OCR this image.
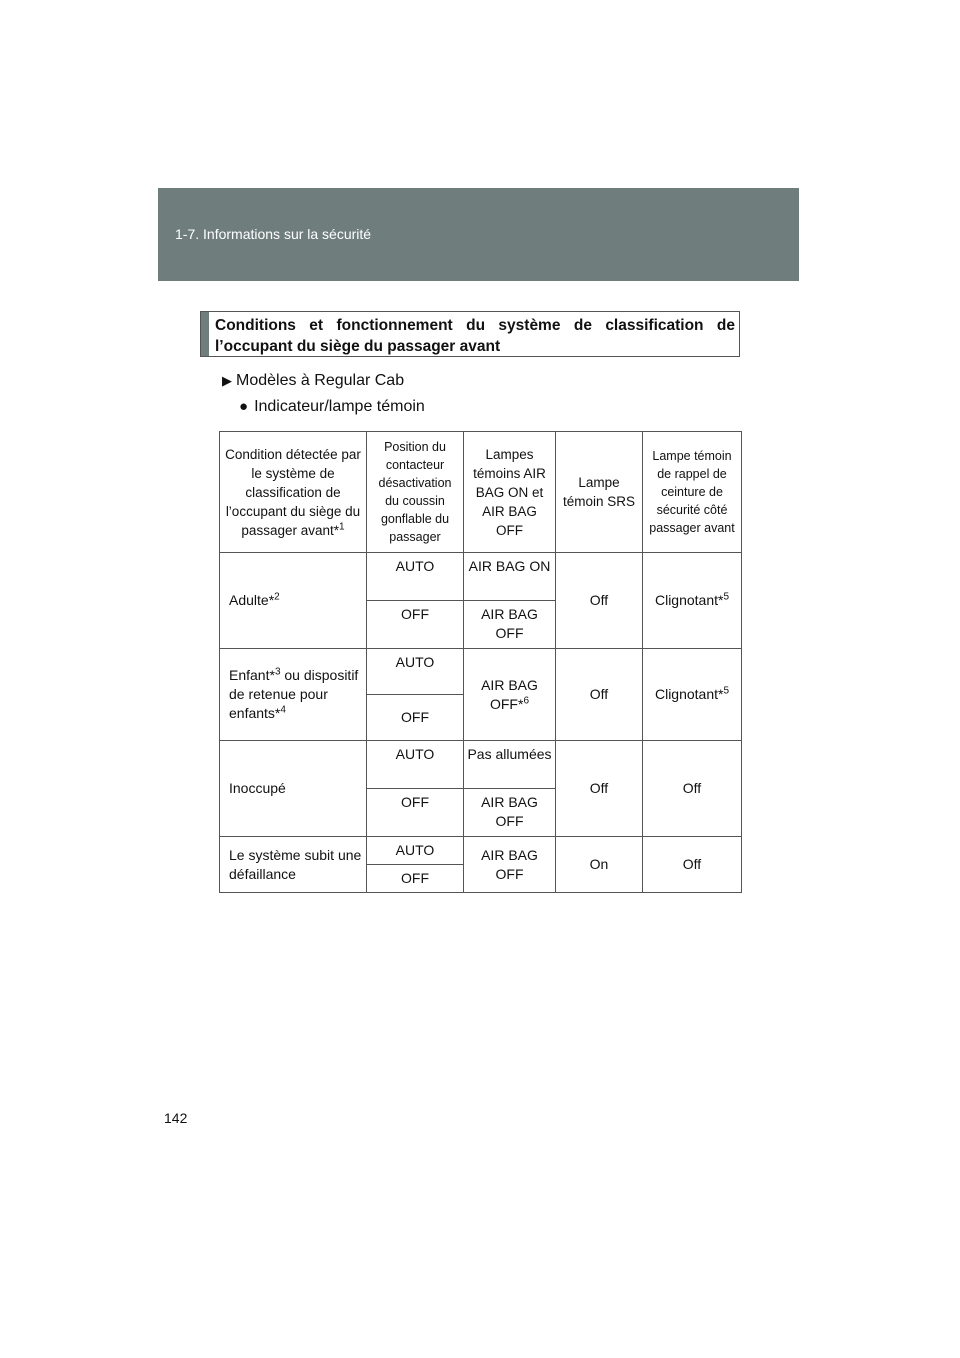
1-7. Informations sur la sécurité
Conditions et fonctionnement du système de classification de l’occupant du siège du passager avant
▶ Modèles à Regular Cab
● Indicateur/lampe témoin
Condition détectée par le système de classification de l’occupant du siège du passager avant*$^1$	Position du contacteur désactivation du coussin gonflable du passager	Lampes témoins AIR BAG ON et AIR BAG OFF	Lampe témoin SRS	Lampe témoin de rappel de ceinture de sécurité côté passager avant
Adulte*$^2$	AUTO	AIR BAG ON	Off	Clignotant*$^5$
	OFF	AIR BAG OFF		
Enfant*$^3$ ou dispositif de retenue pour enfants*$^4$	AUTO	AIR BAG OFF*$^6$	Off	Clignotant*$^5$
	OFF			
Inoccupé	AUTO	Pas allumées	Off	Off
	OFF	AIR BAG OFF		
Le système subit une défaillance	AUTO	AIR BAG OFF	On	Off
	OFF			
142
